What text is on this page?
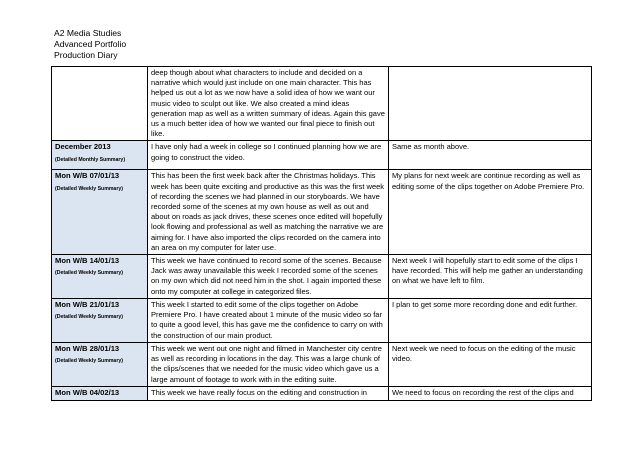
A2 Media Studies
Advanced Portfolio
Production Diary

	deep though about what characters to include and decided on a narrative which would just include on one main character. This has helped us out a lot as we now have a solid idea of how we want our music video to sculpt out like. We also created a mind ideas generation map as well as a written summary of ideas. Again this gave us a much better idea of how we wanted our final piece to finish out like.	

December 2013
(Detailed Monthly Summary)	I have only had a week in college so I continued planning how we are going to construct the video.	Same as month above.

Mon W/B 07/01/13
(Detailed Weekly Summary)	This has been the first week back after the Christmas holidays. This week has been quite exciting and productive as this was the first week of recording the scenes we had planned in our storyboards. We have recorded some of the scenes at my own house as well as out and about on roads as jack drives, these scenes once edited will hopefully look flowing and professional as well as matching the narrative we are aiming for. I have also imported the clips recorded on the camera into an area on my computer for later use.	My plans for next week are continue recording as well as editing some of the clips together on Adobe Premiere Pro.

Mon W/B 14/01/13
(Detailed Weekly Summary)	This week we have continued to record some of the scenes. Because Jack was away unavailable this week I recorded some of the scenes on my own which did not need him in the shot. I again imported these onto my computer at college in categorized files.	Next week I will hopefully start to edit some of the clips I have recorded. This will help me gather an understanding on what we have left to film.

Mon W/B 21/01/13
(Detailed Weekly Summary)	This week I started to edit some of the clips together on Adobe Premiere Pro. I have created about 1 minute of the music video so far to quite a good level, this has gave me the confidence to carry on with the construction of our main product.	I plan to get some more recording done and edit further.

Mon W/B 28/01/13
(Detailed Weekly Summary)	This week we went out one night and filmed in Manchester city centre as well as recording in locations in the day. This was a large chunk of the clips/scenes that we needed for the music video which gave us a large amount of footage to work with in the editing suite.	Next week we need to focus on the editing of the music video.

Mon W/B 04/02/13	This week we have really focus on the editing and construction in	We need to focus on recording the rest of the clips and
